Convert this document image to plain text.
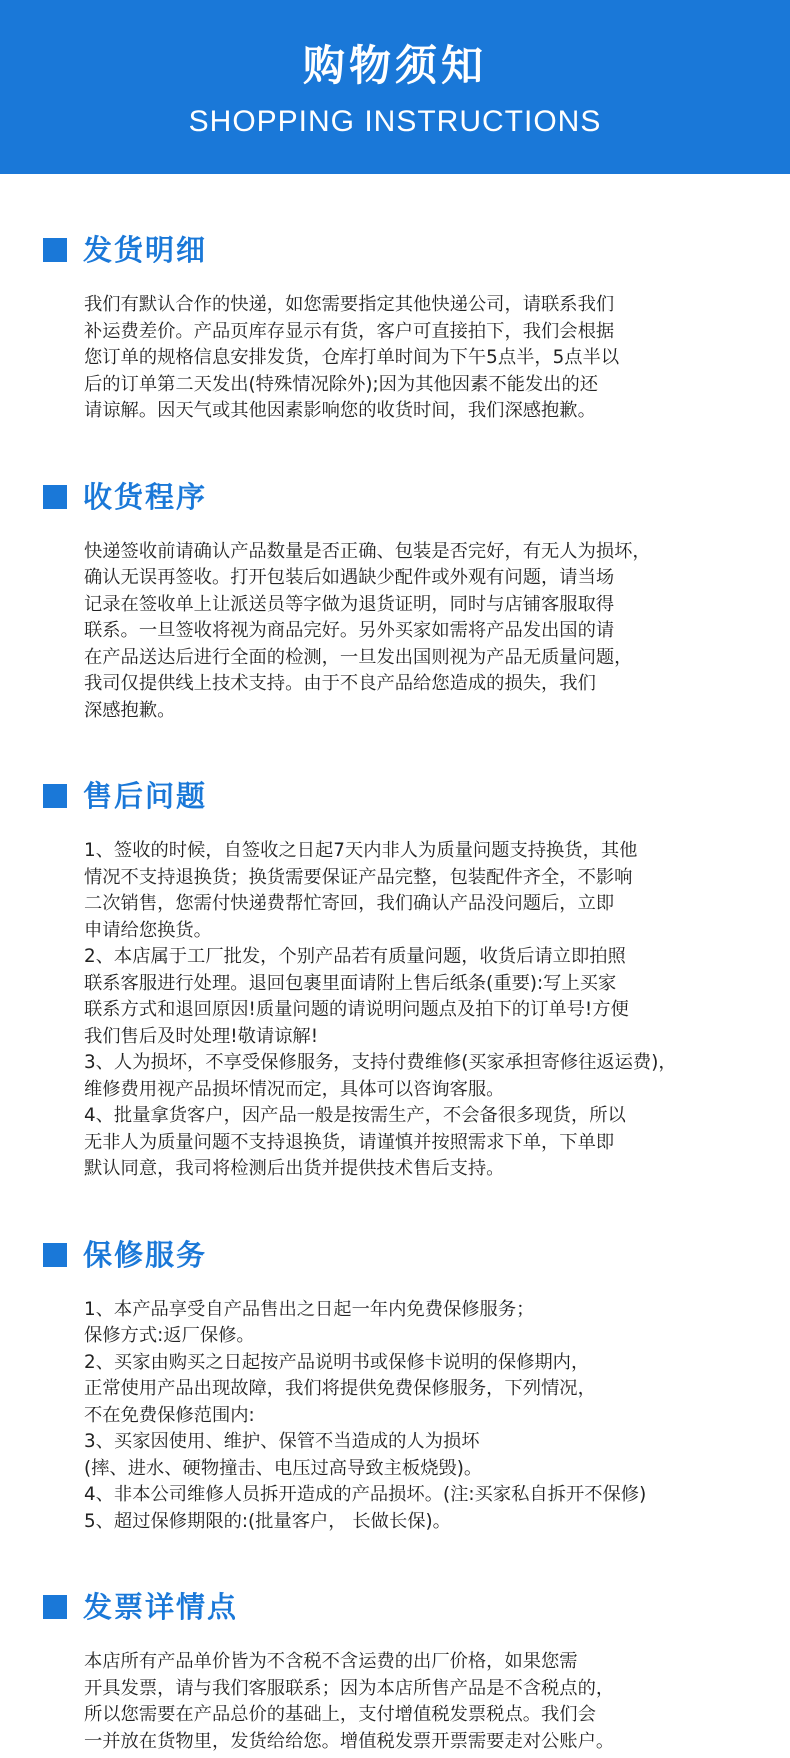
购物须知
SHOPPING INSTRUCTIONS
发货明细
我们有默认合作的快递，如您需要指定其他快递公司，请联系我们
补运费差价。产品页库存显示有货，客户可直接拍下，我们会根据
您订单的规格信息安排发货，仓库打单时间为下午5点半，5点半以
后的订单第二天发出(特殊情况除外);因为其他因素不能发出的还
请谅解。因天气或其他因素影响您的收货时间，我们深感抱歉。
收货程序
快递签收前请确认产品数量是否正确、包装是否完好，有无人为损坏，
确认无误再签收。打开包装后如遇缺少配件或外观有问题，请当场
记录在签收单上让派送员等字做为退货证明，同时与店铺客服取得
联系。一旦签收将视为商品完好。另外买家如需将产品发出国的请
在产品送达后进行全面的检测，一旦发出国则视为产品无质量问题，
我司仅提供线上技术支持。由于不良产品给您造成的损失，我们
深感抱歉。
售后问题
1、签收的时候，自签收之日起7天内非人为质量问题支持换货，其他
情况不支持退换货；换货需要保证产品完整，包装配件齐全，不影响
二次销售，您需付快递费帮忙寄回，我们确认产品没问题后，立即
申请给您换货。
2、本店属于工厂批发，个别产品若有质量问题，收货后请立即拍照
联系客服进行处理。退回包裹里面请附上售后纸条(重要):写上买家
联系方式和退回原因!质量问题的请说明问题点及拍下的订单号!方便
我们售后及时处理!敬请谅解!
3、人为损坏，不享受保修服务，支持付费维修(买家承担寄修往返运费)，
维修费用视产品损坏情况而定，具体可以咨询客服。
4、批量拿货客户，因产品一般是按需生产，不会备很多现货，所以
无非人为质量问题不支持退换货，请谨慎并按照需求下单，下单即
默认同意，我司将检测后出货并提供技术售后支持。
保修服务
1、本产品享受自产品售出之日起一年内免费保修服务；
保修方式:返厂保修。
2、买家由购买之日起按产品说明书或保修卡说明的保修期内，
正常使用产品出现故障，我们将提供免费保修服务，下列情况，
不在免费保修范围内:
3、买家因使用、维护、保管不当造成的人为损坏
(摔、进水、硬物撞击、电压过高导致主板烧毁)。
4、非本公司维修人员拆开造成的产品损坏。(注:买家私自拆开不保修)
5、超过保修期限的:(批量客户， 长做长保)。
发票详情点
本店所有产品单价皆为不含税不含运费的出厂价格，如果您需
开具发票，请与我们客服联系；因为本店所售产品是不含税点的，
所以您需要在产品总价的基础上，支付增值税发票税点。我们会
一并放在货物里，发货给给您。增值税发票开票需要走对公账户。
